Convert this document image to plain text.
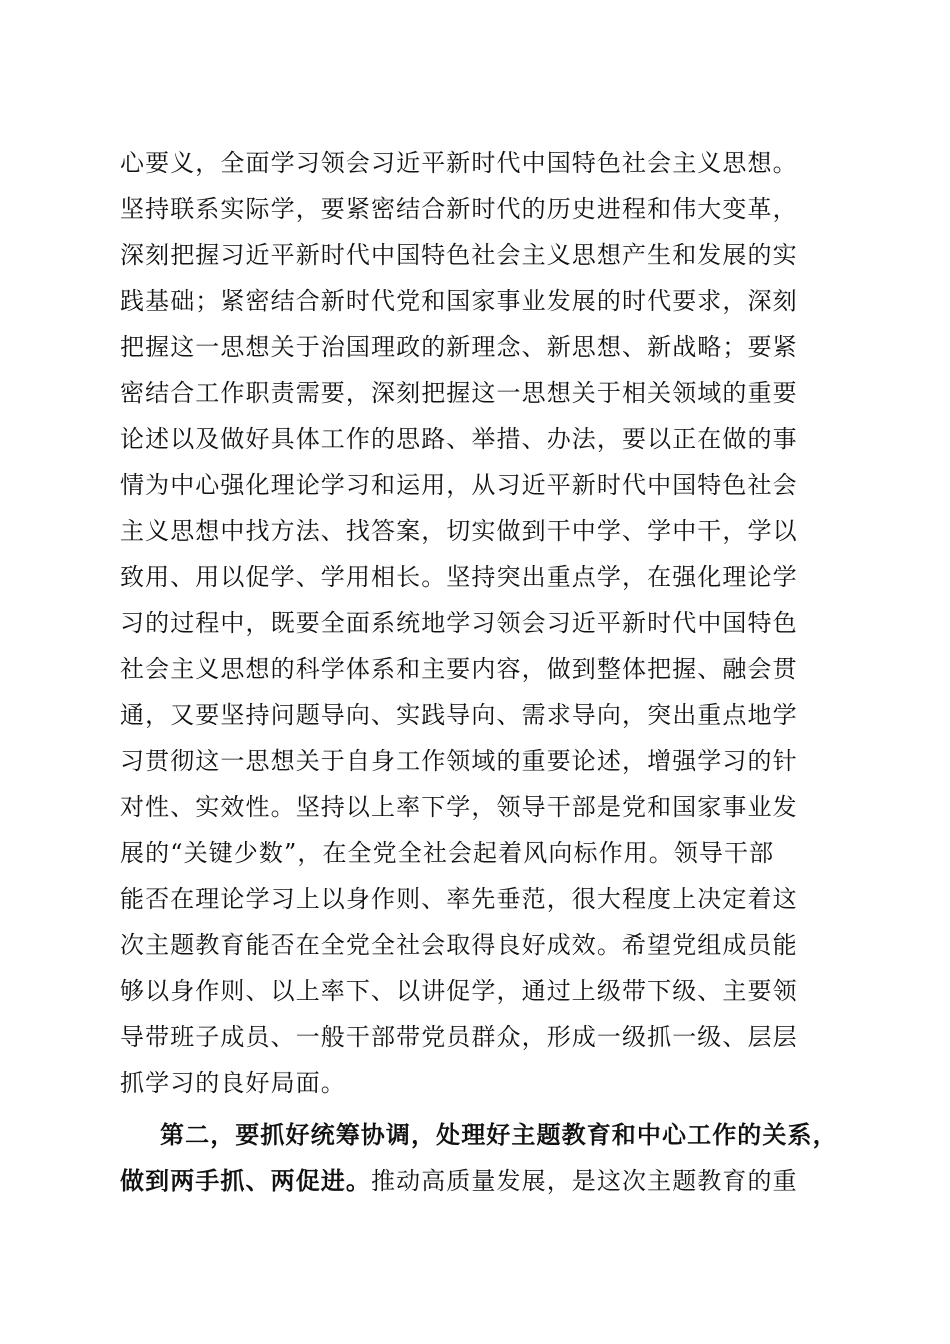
心要义，全面学习领会习近平新时代中国特色社会主义思想。
坚持联系实际学，要紧密结合新时代的历史进程和伟大变革，
深刻把握习近平新时代中国特色社会主义思想产生和发展的实
践基础；紧密结合新时代党和国家事业发展的时代要求，深刻
把握这一思想关于治国理政的新理念、新思想、新战略；要紧
密结合工作职责需要，深刻把握这一思想关于相关领域的重要
论述以及做好具体工作的思路、举措、办法，要以正在做的事
情为中心强化理论学习和运用，从习近平新时代中国特色社会
主义思想中找方法、找答案，切实做到干中学、学中干，学以
致用、用以促学、学用相长。坚持突出重点学，在强化理论学
习的过程中，既要全面系统地学习领会习近平新时代中国特色
社会主义思想的科学体系和主要内容，做到整体把握、融会贯
通，又要坚持问题导向、实践导向、需求导向，突出重点地学
习贯彻这一思想关于自身工作领域的重要论述，增强学习的针
对性、实效性。坚持以上率下学，领导干部是党和国家事业发
展的“关键少数”，在全党全社会起着风向标作用。领导干部
能否在理论学习上以身作则、率先垂范，很大程度上决定着这
次主题教育能否在全党全社会取得良好成效。希望党组成员能
够以身作则、以上率下、以讲促学，通过上级带下级、主要领
导带班子成员、一般干部带党员群众，形成一级抓一级、层层
抓学习的良好局面。
第二，要抓好统筹协调，处理好主题教育和中心工作的关系，
做到两手抓、两促进。推动高质量发展，是这次主题教育的重
